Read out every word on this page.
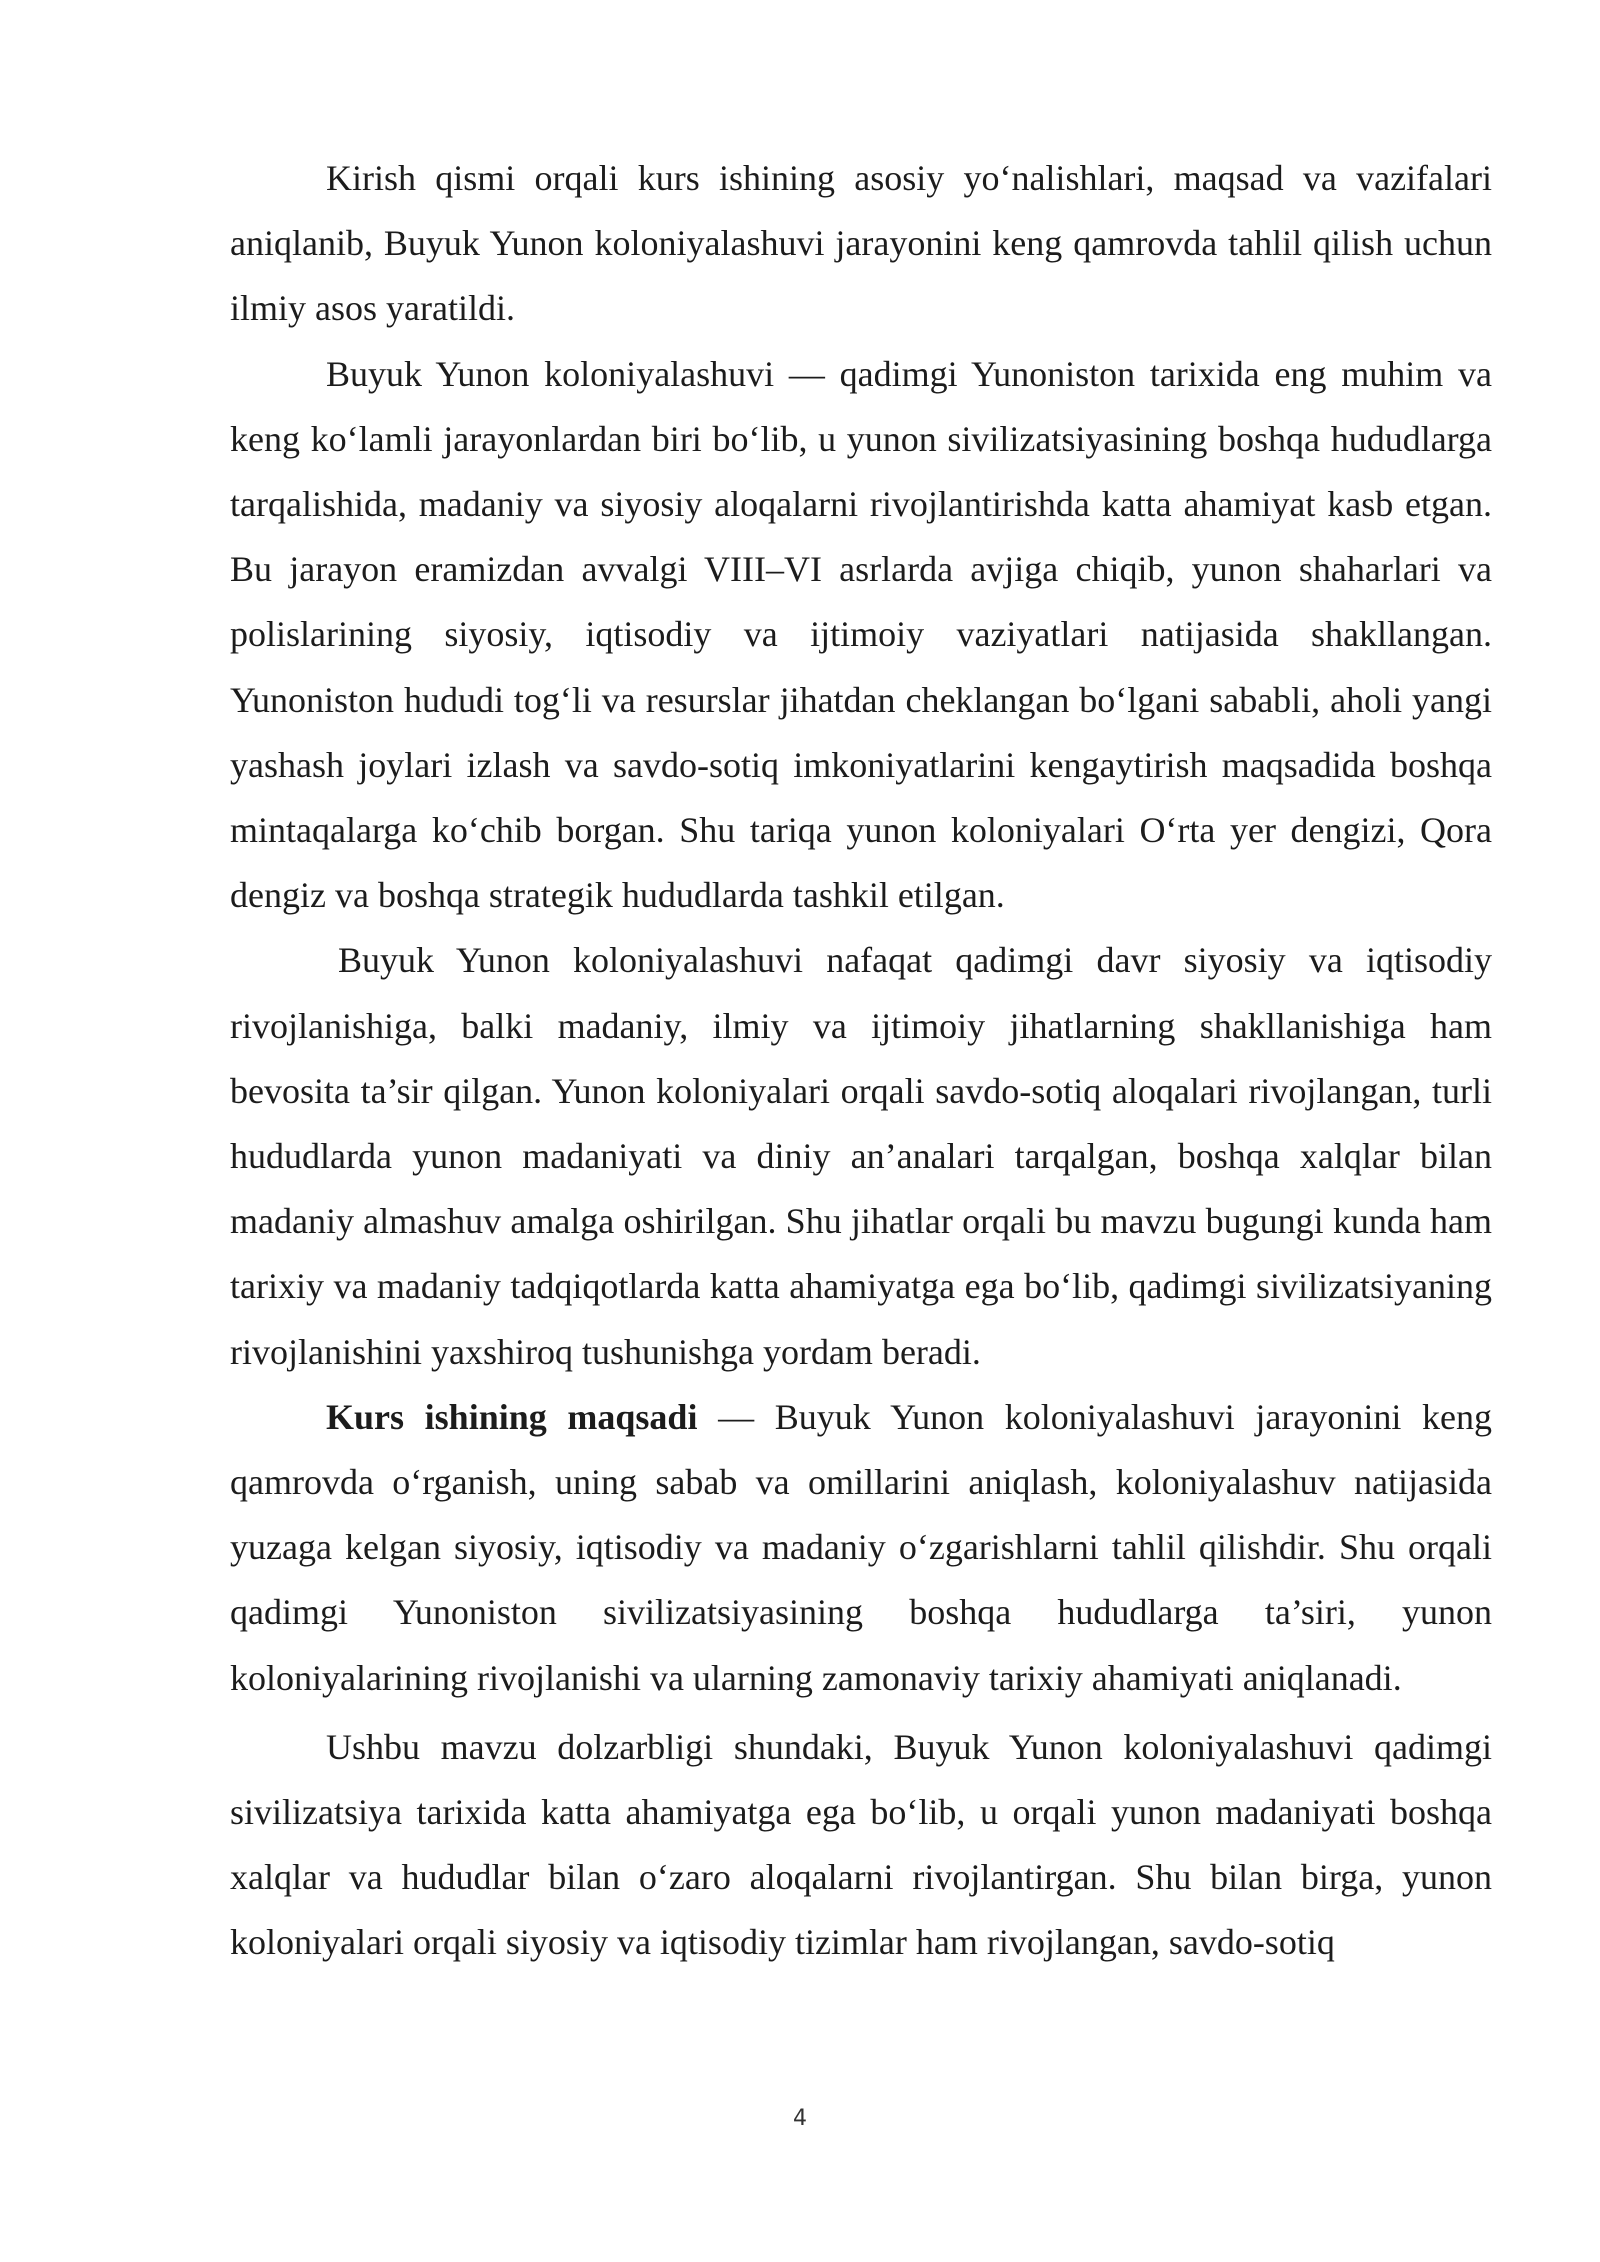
Kirish qismi orqali kurs ishining asosiy yo‘nalishlari, maqsad va vazifalari aniqlanib, Buyuk Yunon koloniyalashuvi jarayonini keng qamrovda tahlil qilish uchun ilmiy asos yaratildi.

Buyuk Yunon koloniyalashuvi — qadimgi Yunoniston tarixida eng muhim va keng ko‘lamli jarayonlardan biri bo‘lib, u yunon sivilizatsiyasining boshqa hududlarga tarqalishida, madaniy va siyosiy aloqalarni rivojlantirishda katta ahamiyat kasb etgan. Bu jarayon eramizdan avvalgi VIII–VI asrlarda avjiga chiqib, yunon shaharlari va polislarining siyosiy, iqtisodiy va ijtimoiy vaziyatlari natijasida shakllangan. Yunoniston hududi tog‘li va resurslar jihatdan cheklangan bo‘lgani sababli, aholi yangi yashash joylari izlash va savdo-sotiq imkoniyatlarini kengaytirish maqsadida boshqa mintaqalarga ko‘chib borgan. Shu tariqa yunon koloniyalari O‘rta yer dengizi, Qora dengiz va boshqa strategik hududlarda tashkil etilgan.

Buyuk Yunon koloniyalashuvi nafaqat qadimgi davr siyosiy va iqtisodiy rivojlanishiga, balki madaniy, ilmiy va ijtimoiy jihatlarning shakllanishiga ham bevosita ta’sir qilgan. Yunon koloniyalari orqali savdo-sotiq aloqalari rivojlangan, turli hududlarda yunon madaniyati va diniy an’analari tarqalgan, boshqa xalqlar bilan madaniy almashuv amalga oshirilgan. Shu jihatlar orqali bu mavzu bugungi kunda ham tarixiy va madaniy tadqiqotlarda katta ahamiyatga ega bo‘lib, qadimgi sivilizatsiyaning rivojlanishini yaxshiroq tushunishga yordam beradi.

Kurs ishining maqsadi — Buyuk Yunon koloniyalashuvi jarayonini keng qamrovda o‘rganish, uning sabab va omillarini aniqlash, koloniyalashuv natijasida yuzaga kelgan siyosiy, iqtisodiy va madaniy o‘zgarishlarni tahlil qilishdir. Shu orqali qadimgi Yunoniston sivilizatsiyasining boshqa hududlarga ta’siri, yunon koloniyalarining rivojlanishi va ularning zamonaviy tarixiy ahamiyati aniqlanadi.

Ushbu mavzu dolzarbligi shundaki, Buyuk Yunon koloniyalashuvi qadimgi sivilizatsiya tarixida katta ahamiyatga ega bo‘lib, u orqali yunon madaniyati boshqa xalqlar va hududlar bilan o‘zaro aloqalarni rivojlantirgan. Shu bilan birga, yunon koloniyalari orqali siyosiy va iqtisodiy tizimlar ham rivojlangan, savdo-sotiq

4
